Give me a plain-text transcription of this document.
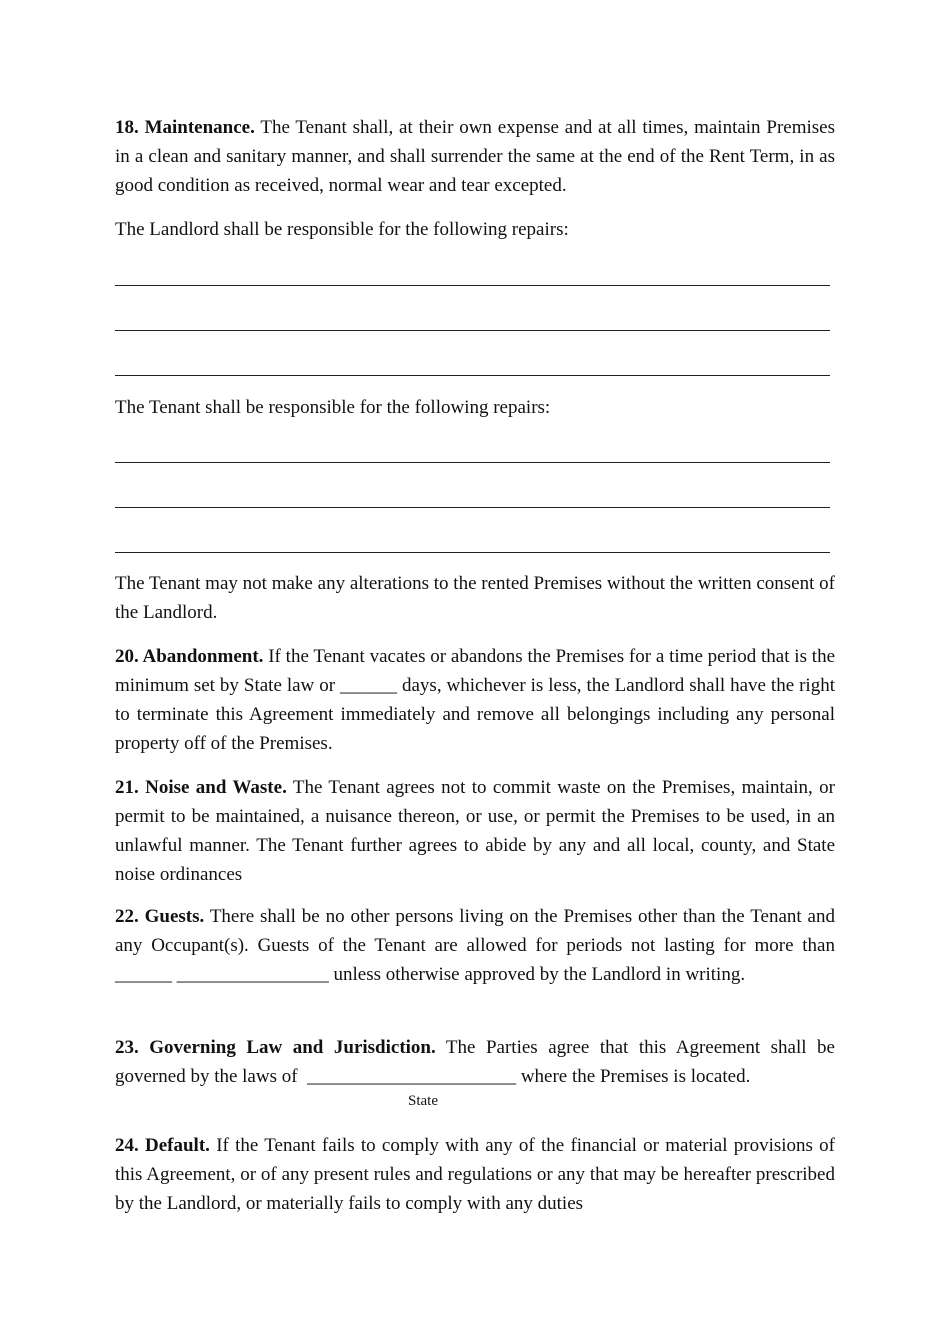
18. Maintenance. The Tenant shall, at their own expense and at all times, maintain Premises in a clean and sanitary manner, and shall surrender the same at the end of the Rent Term, in as good condition as received, normal wear and tear excepted.

The Landlord shall be responsible for the following repairs:

The Tenant shall be responsible for the following repairs:

The Tenant may not make any alterations to the rented Premises without the written consent of the Landlord.

20. Abandonment. If the Tenant vacates or abandons the Premises for a time period that is the minimum set by State law or ______ days, whichever is less, the Landlord shall have the right to terminate this Agreement immediately and remove all belongings including any personal property off of the Premises.

21. Noise and Waste. The Tenant agrees not to commit waste on the Premises, maintain, or permit to be maintained, a nuisance thereon, or use, or permit the Premises to be used, in an unlawful manner. The Tenant further agrees to abide by any and all local, county, and State noise ordinances

22. Guests. There shall be no other persons living on the Premises other than the Tenant and any Occupant(s). Guests of the Tenant are allowed for periods not lasting for more than ______ ________________ unless otherwise approved by the Landlord in writing.

23. Governing Law and Jurisdiction. The Parties agree that this Agreement shall be governed by the laws of ______________________ where the Premises is located.

State

24. Default. If the Tenant fails to comply with any of the financial or material provisions of this Agreement, or of any present rules and regulations or any that may be hereafter prescribed by the Landlord, or materially fails to comply with any duties
